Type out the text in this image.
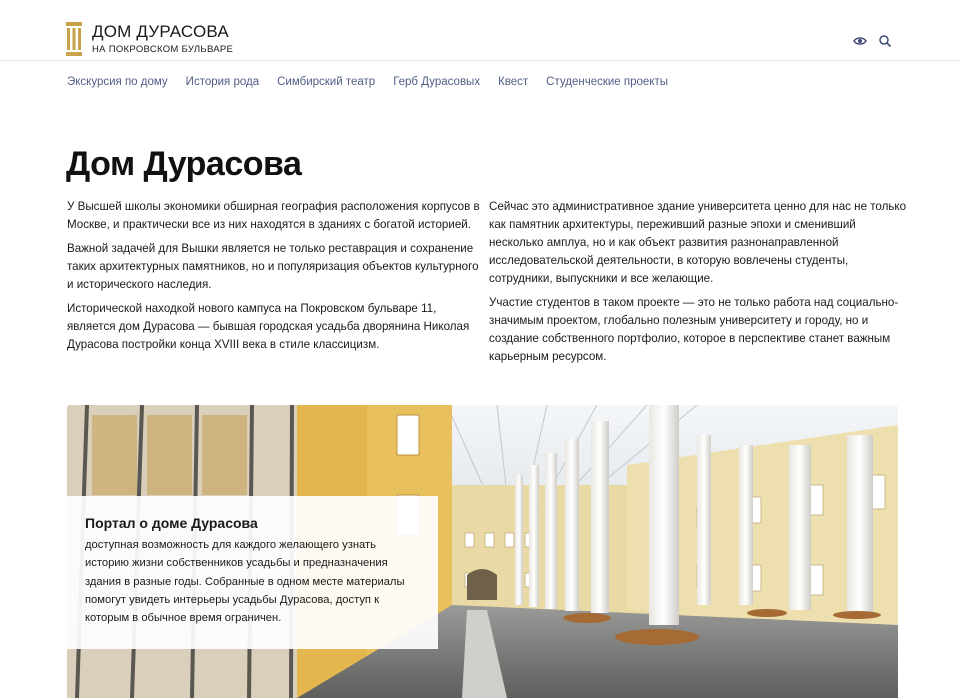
ДОМ ДУРАСОВА
НА ПОКРОВСКОМ БУЛЬВАРЕ
Экскурсия по дому История рода Симбирский театр Герб Дурасовых Квест Студенческие проекты
Дом Дурасова

У Высшей школы экономики обширная география расположения корпусов в Москве, и практически все из них находятся в зданиях с богатой историей.

Важной задачей для Вышки является не только реставрация и сохранение таких архитектурных памятников, но и популяризация объектов культурного и исторического наследия.

Исторической находкой нового кампуса на Покровском бульваре 11, является дом Дурасова — бывшая городская усадьба дворянина Николая Дурасова постройки конца XVIII века в стиле классицизм.

Сейчас это административное здание университета ценно для нас не только как памятник архитектуры, переживший разные эпохи и сменивший несколько амплуа, но и как объект развития разнонаправленной исследовательской деятельности, в которую вовлечены студенты, сотрудники, выпускники и все желающие.

Участие студентов в таком проекте — это не только работа над социально-значимым проектом, глобально полезным университету и городу, но и создание собственного портфолио, которое в перспективе станет важным карьерным ресурсом.

Портал о доме Дурасова

доступная возможность для каждого желающего узнать историю жизни собственников усадьбы и предназначения здания в разные годы. Собранные в одном месте материалы помогут увидеть интерьеры усадьбы Дурасова, доступ к которым в обычное время ограничен.
